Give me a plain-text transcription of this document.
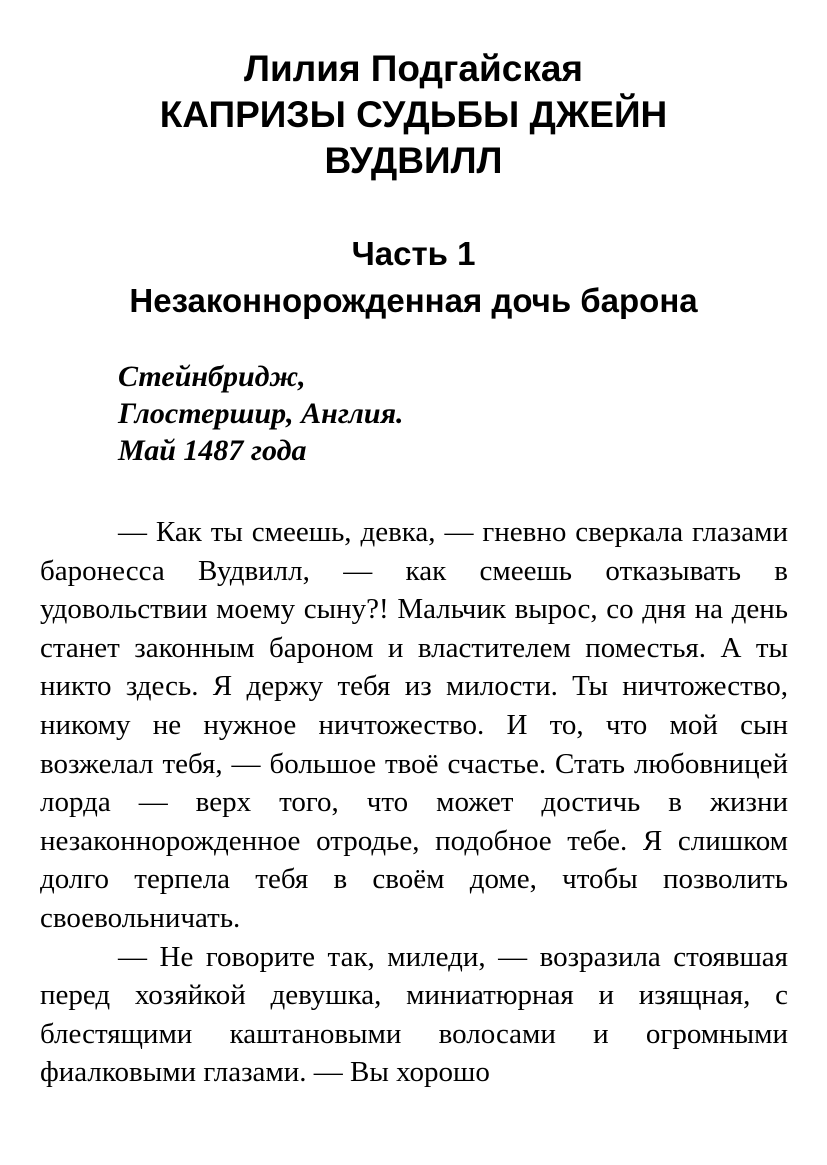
Лилия Подгайская
КАПРИЗЫ СУДЬБЫ ДЖЕЙН
ВУДВИЛЛ
Часть 1
Незаконнорожденная дочь барона
Стейнбридж,
Глостершир, Англия.
Май 1487 года

— Как ты смеешь, девка, — гневно сверкала глазами баронесса Вудвилл, — как смеешь отказывать в удовольствии моему сыну?! Мальчик вырос, со дня на день станет законным бароном и властителем поместья. А ты никто здесь. Я держу тебя из милости. Ты ничтожество, никому не нужное ничтожество. И то, что мой сын возжелал тебя, — большое твоё счастье. Стать любовницей лорда — верх того, что может достичь в жизни незаконнорожденное отродье, подобное тебе. Я слишком долго терпела тебя в своём доме, чтобы позволить своевольничать.

— Не говорите так, миледи, — возразила стоявшая перед хозяйкой девушка, миниатюрная и изящная, с блестящими каштановыми волосами и огромными фиалковыми глазами. — Вы хорошо
